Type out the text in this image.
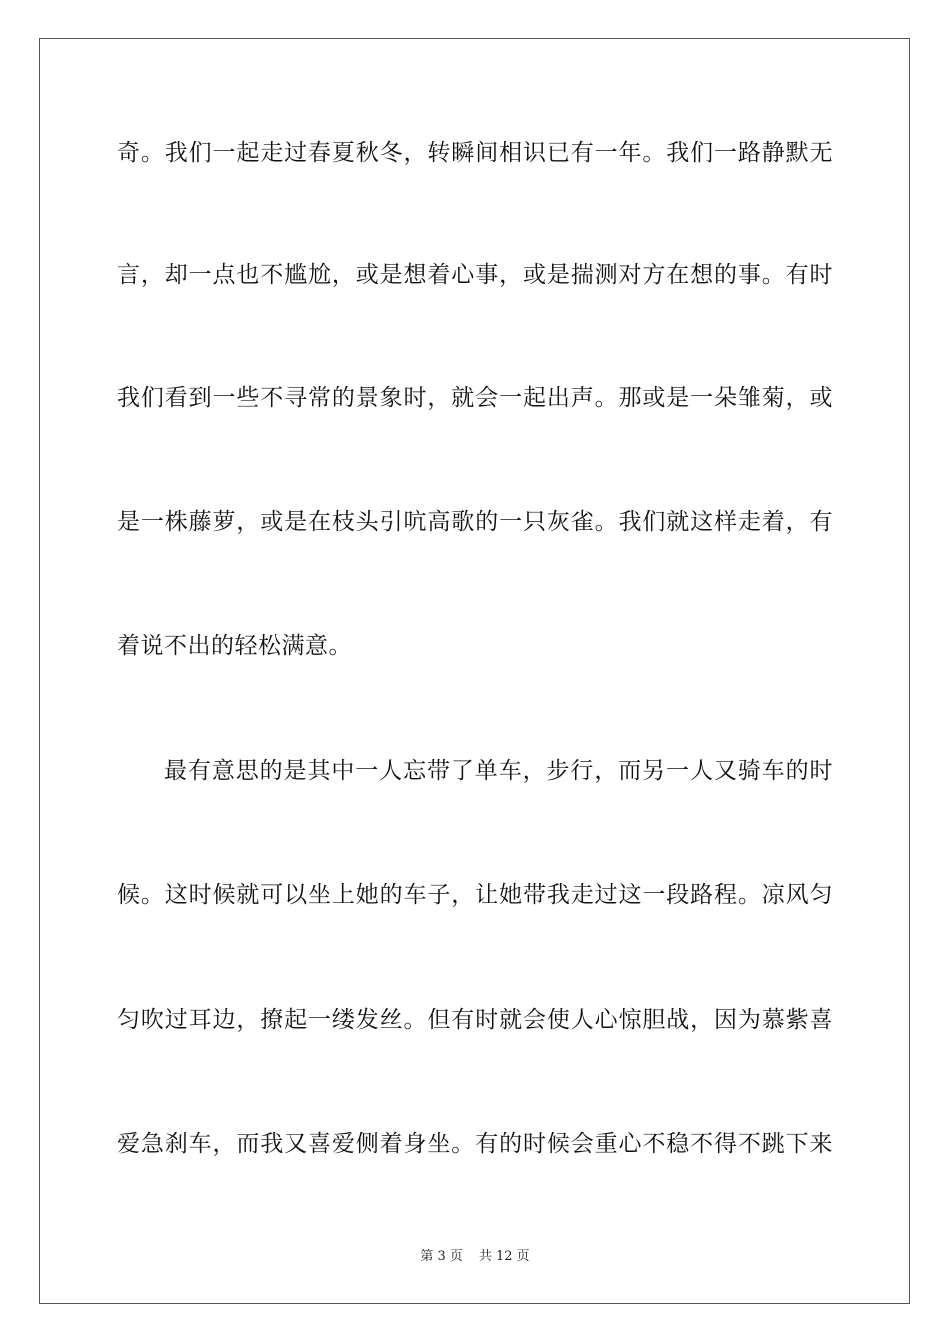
奇。我们一起走过春夏秋冬，转瞬间相识已有一年。我们一路静默无
言，却一点也不尴尬，或是想着心事，或是揣测对方在想的事。有时
我们看到一些不寻常的景象时，就会一起出声。那或是一朵雏菊，或
是一株藤萝，或是在枝头引吭高歌的一只灰雀。我们就这样走着，有
着说不出的轻松满意。
最有意思的是其中一人忘带了单车，步行，而另一人又骑车的时
候。这时候就可以坐上她的车子，让她带我走过这一段路程。凉风匀
匀吹过耳边，撩起一缕发丝。但有时就会使人心惊胆战，因为慕紫喜
爱急刹车，而我又喜爱侧着身坐。有的时候会重心不稳不得不跳下来
第 3 页 共 12 页
